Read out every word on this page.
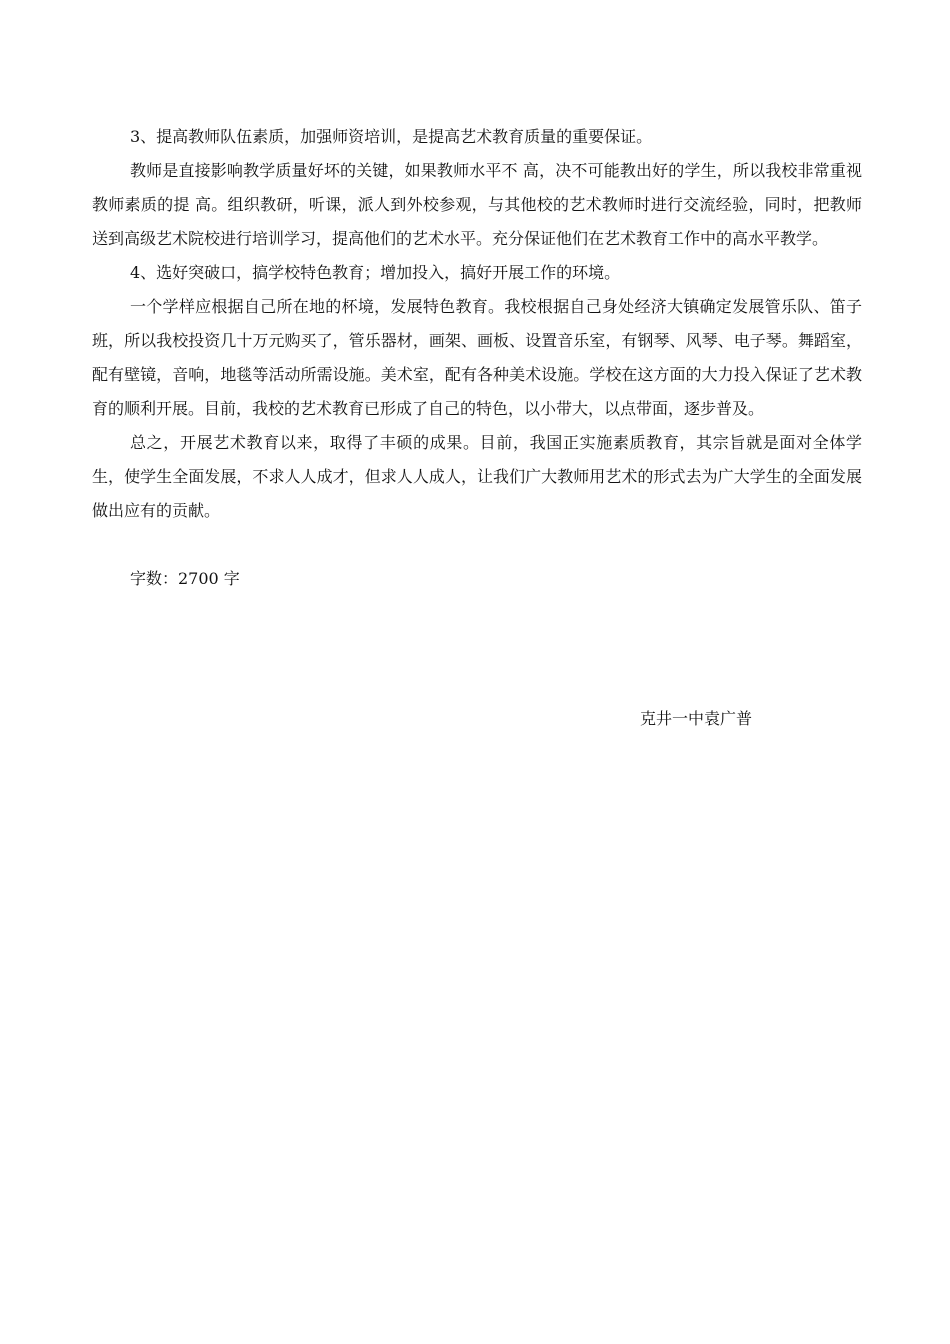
3、提高教师队伍素质，加强师资培训，是提高艺术教育质量的重要保证。

教师是直接影响教学质量好坏的关键，如果教师水平不 高，决不可能教出好的学生，所以我校非常重视教师素质的提 高。组织教研，听课，派人到外校参观，与其他校的艺术教师时进行交流经验，同时，把教师送到高级艺术院校进行培训学习，提高他们的艺术水平。充分保证他们在艺术教育工作中的高水平教学。

4、选好突破口，搞学校特色教育；增加投入，搞好开展工作的环境。

一个学样应根据自己所在地的杯境，发展特色教育。我校根据自己身处经济大镇确定发展管乐队、笛子班，所以我校投资几十万元购买了，管乐器材，画架、画板、设置音乐室，有钢琴、风琴、电子琴。舞蹈室，配有壁镜，音响，地毯等活动所需设施。美术室，配有各种美术设施。学校在这方面的大力投入保证了艺术教育的顺利开展。目前，我校的艺术教育已形成了自己的特色，以小带大，以点带面，逐步普及。

总之，开展艺术教育以来，取得了丰硕的成果。目前，我国正实施素质教育，其宗旨就是面对全体学生，使学生全面发展，不求人人成才，但求人人成人，让我们广大教师用艺术的形式去为广大学生的全面发展做出应有的贡献。

字数：2700 字

克井一中袁广普
